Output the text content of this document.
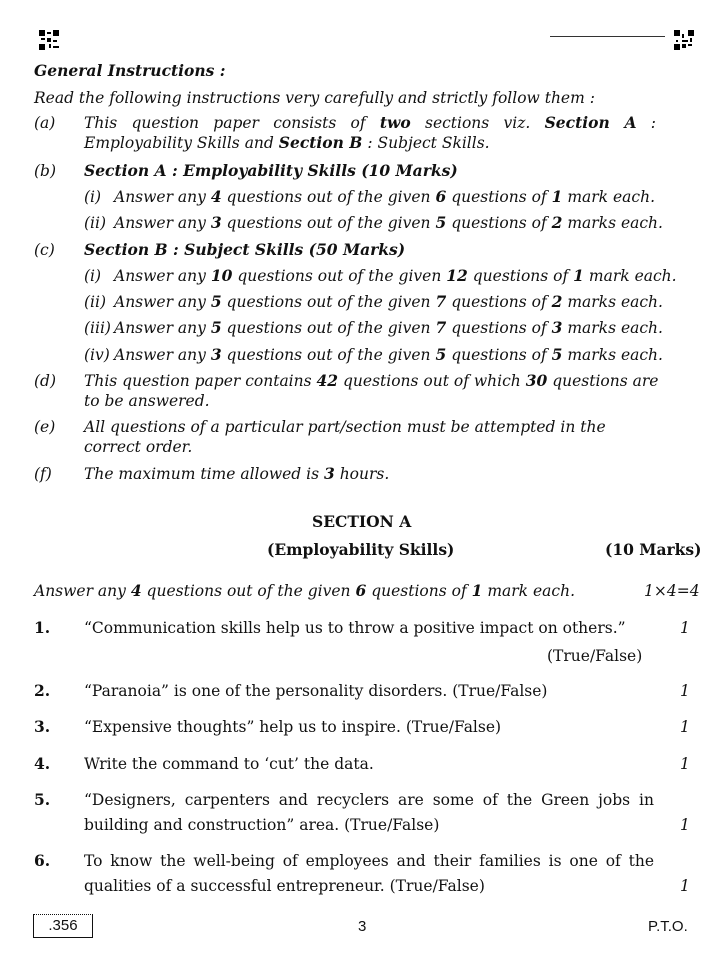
General Instructions :
Read the following instructions very carefully and strictly follow them :
(a) This question paper consists of two sections viz. Section A : Employability Skills and Section B : Subject Skills.
(b) Section A : Employability Skills (10 Marks)
(i) Answer any 4 questions out of the given 6 questions of 1 mark each.
(ii) Answer any 3 questions out of the given 5 questions of 2 marks each.
(c) Section B : Subject Skills (50 Marks)
(i) Answer any 10 questions out of the given 12 questions of 1 mark each.
(ii) Answer any 5 questions out of the given 7 questions of 2 marks each.
(iii) Answer any 5 questions out of the given 7 questions of 3 marks each.
(iv) Answer any 3 questions out of the given 5 questions of 5 marks each.
(d) This question paper contains 42 questions out of which 30 questions are to be answered.
(e) All questions of a particular part/section must be attempted in the correct order.
(f) The maximum time allowed is 3 hours.
SECTION A
(Employability Skills)	(10 Marks)
Answer any 4 questions out of the given 6 questions of 1 mark each.	1×4=4
1. “Communication skills help us to throw a positive impact on others.”
(True/False)
1
2. “Paranoia” is one of the personality disorders. (True/False)	1
3. “Expensive thoughts” help us to inspire. (True/False)	1
4. Write the command to ‘cut’ the data.	1
5. “Designers, carpenters and recyclers are some of the Green jobs in
building and construction” area. (True/False)	1
6. To know the well-being of employees and their families is one of the
qualities of a successful entrepreneur. (True/False)	1
.356	3	P.T.O.
